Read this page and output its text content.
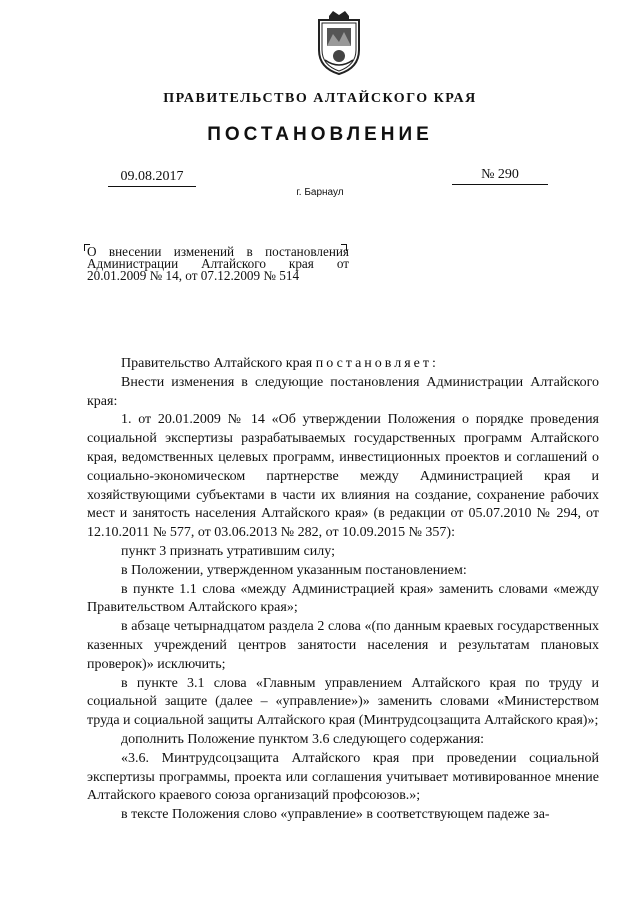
ПРАВИТЕЛЬСТВО АЛТАЙСКОГО КРАЯ
ПОСТАНОВЛЕНИЕ
09.08.2017	№ 290
г. Барнаул
О внесении изменений в постановления Администрации Алтайского края от 20.01.2009 № 14, от 07.12.2009 № 514

Правительство Алтайского края постановляет:

Внести изменения в следующие постановления Администрации Алтайского края:

1. от 20.01.2009 № 14 «Об утверждении Положения о порядке проведения социальной экспертизы разрабатываемых государственных программ Алтайского края, ведомственных целевых программ, инвестиционных проектов и соглашений о социально-экономическом партнерстве между Администрацией края и хозяйствующими субъектами в части их влияния на создание, сохранение рабочих мест и занятость населения Алтайского края» (в редакции от 05.07.2010 № 294, от 12.10.2011 № 577, от 03.06.2013 № 282, от 10.09.2015 № 357):

пункт 3 признать утратившим силу;

в Положении, утвержденном указанным постановлением:

в пункте 1.1 слова «между Администрацией края» заменить словами «между Правительством Алтайского края»;

в абзаце четырнадцатом раздела 2 слова «(по данным краевых государственных казенных учреждений центров занятости населения и результатам плановых проверок)» исключить;

в пункте 3.1 слова «Главным управлением Алтайского края по труду и социальной защите (далее – «управление»)» заменить словами «Министерством труда и социальной защиты Алтайского края (Минтрудсоцзащита Алтайского края)»;

дополнить Положение пунктом 3.6 следующего содержания:

«3.6. Минтрудсоцзащита Алтайского края при проведении социальной экспертизы программы, проекта или соглашения учитывает мотивированное мнение Алтайского краевого союза организаций профсоюзов.»;

в тексте Положения слово «управление» в соответствующем падеже за-
